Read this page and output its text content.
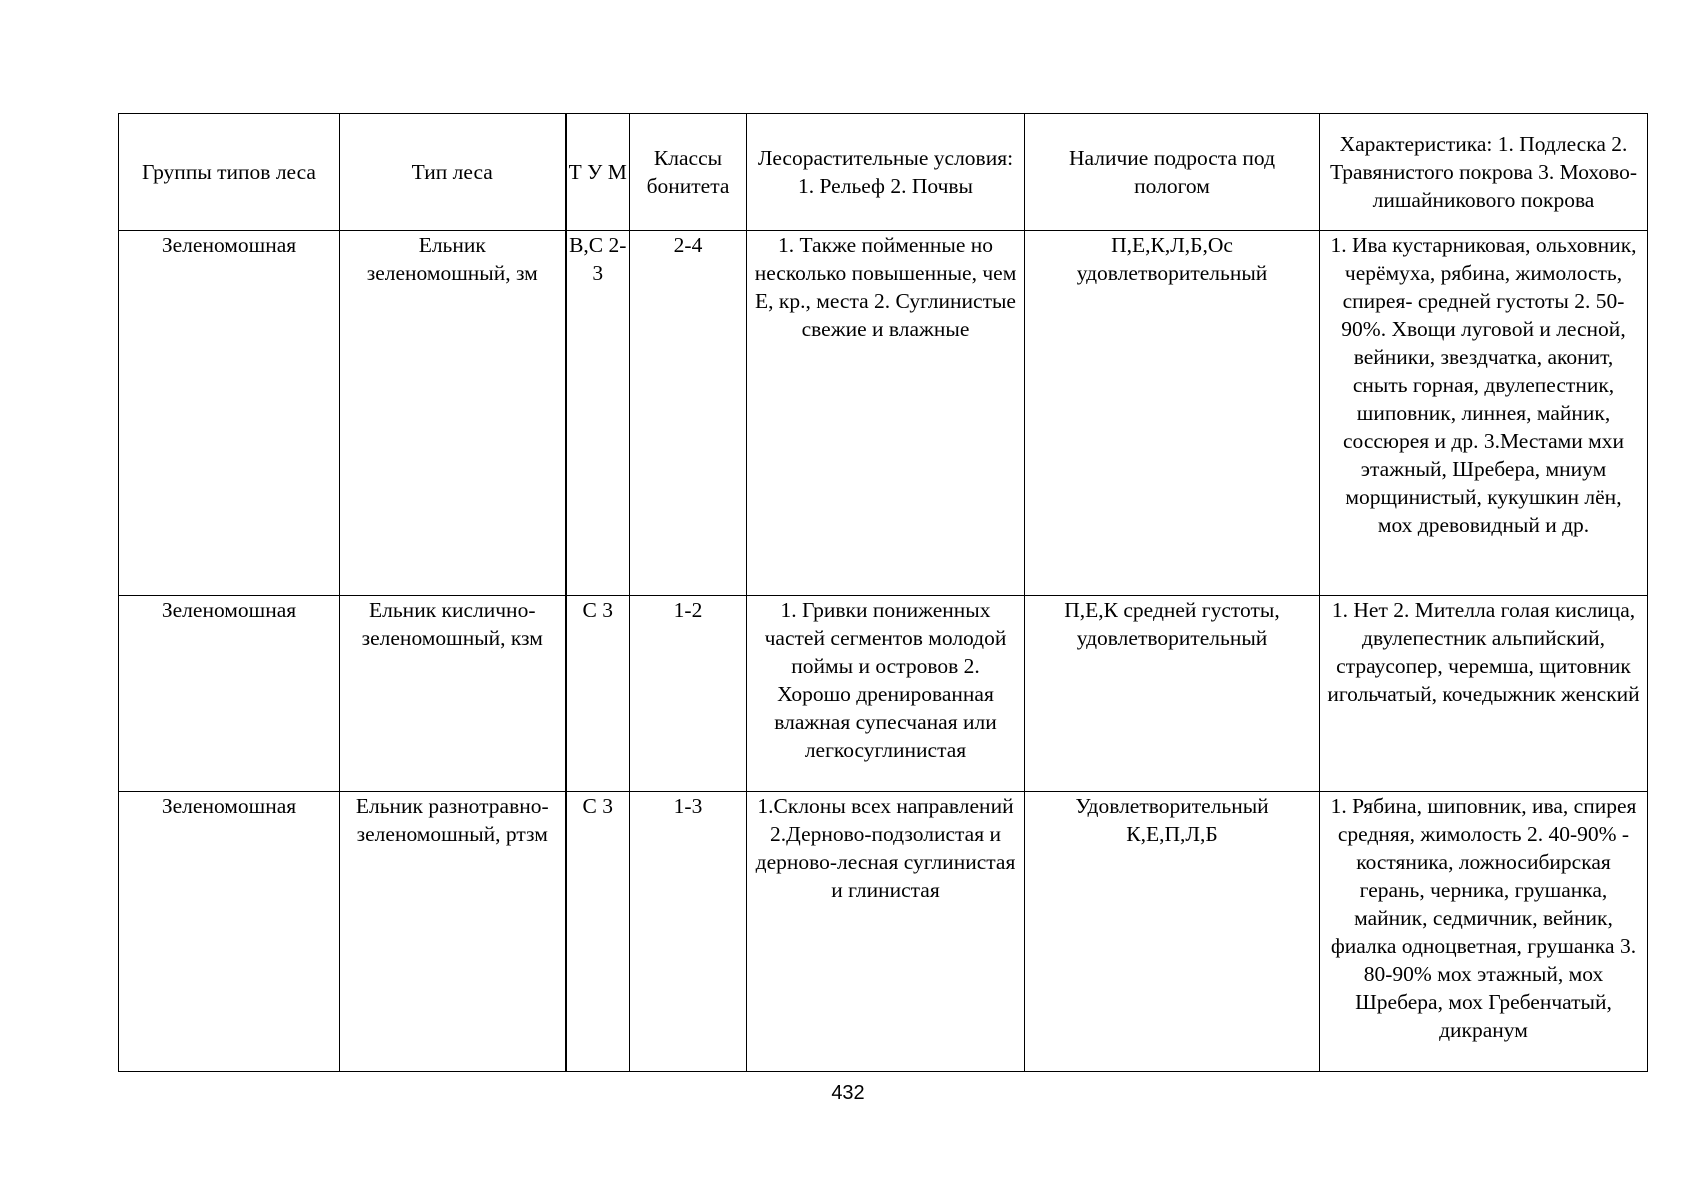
Группы типов леса	Тип леса	Т У М	Классы бонитета	Лесорастительные условия: 1. Рельеф 2. Почвы	Наличие подроста под пологом	Характеристика: 1. Подлеска 2. Травянистого покрова 3. Мохово-лишайникового покрова
Зеленомошная	Ельник зеленомошный, зм	В,С 2-3	2-4	1. Также пойменные но несколько повышенные, чем Е, кр., места 2. Суглинистые свежие и влажные	П,Е,К,Л,Б,Ос удовлетворительный	1. Ива кустарниковая, ольховник, черёмуха, рябина, жимолость, спирея- средней густоты 2. 50-90%. Хвощи луговой и лесной, вейники, звездчатка, аконит, сныть горная, двулепестник, шиповник, линнея, майник, соссюрея и др. 3.Местами мхи этажный, Шребера, мниум морщинистый, кукушкин лён, мох древовидный и др.
Зеленомошная	Ельник кислично-зеленомошный, кзм	С 3	1-2	1. Гривки пониженных частей сегментов молодой поймы и островов 2. Хорошо дренированная влажная супесчаная или легкосуглинистая	П,Е,К средней густоты, удовлетворительный	1. Нет 2. Мителла голая кислица, двулепестник альпийский, страусопер, черемша, щитовник игольчатый, кочедыжник женский
Зеленомошная	Ельник разнотравно-зеленомошный, ртзм	С 3	1-3	1.Склоны всех направлений 2.Дерново-подзолистая и дерново-лесная суглинистая и глинистая	Удовлетворительный К,Е,П,Л,Б	1. Рябина, шиповник, ива, спирея средняя, жимолость 2. 40-90% - костяника, ложносибирская герань, черника, грушанка, майник, седмичник, вейник, фиалка одноцветная, грушанка 3. 80-90% мох этажный, мох Шребера, мох Гребенчатый, дикранум
432
